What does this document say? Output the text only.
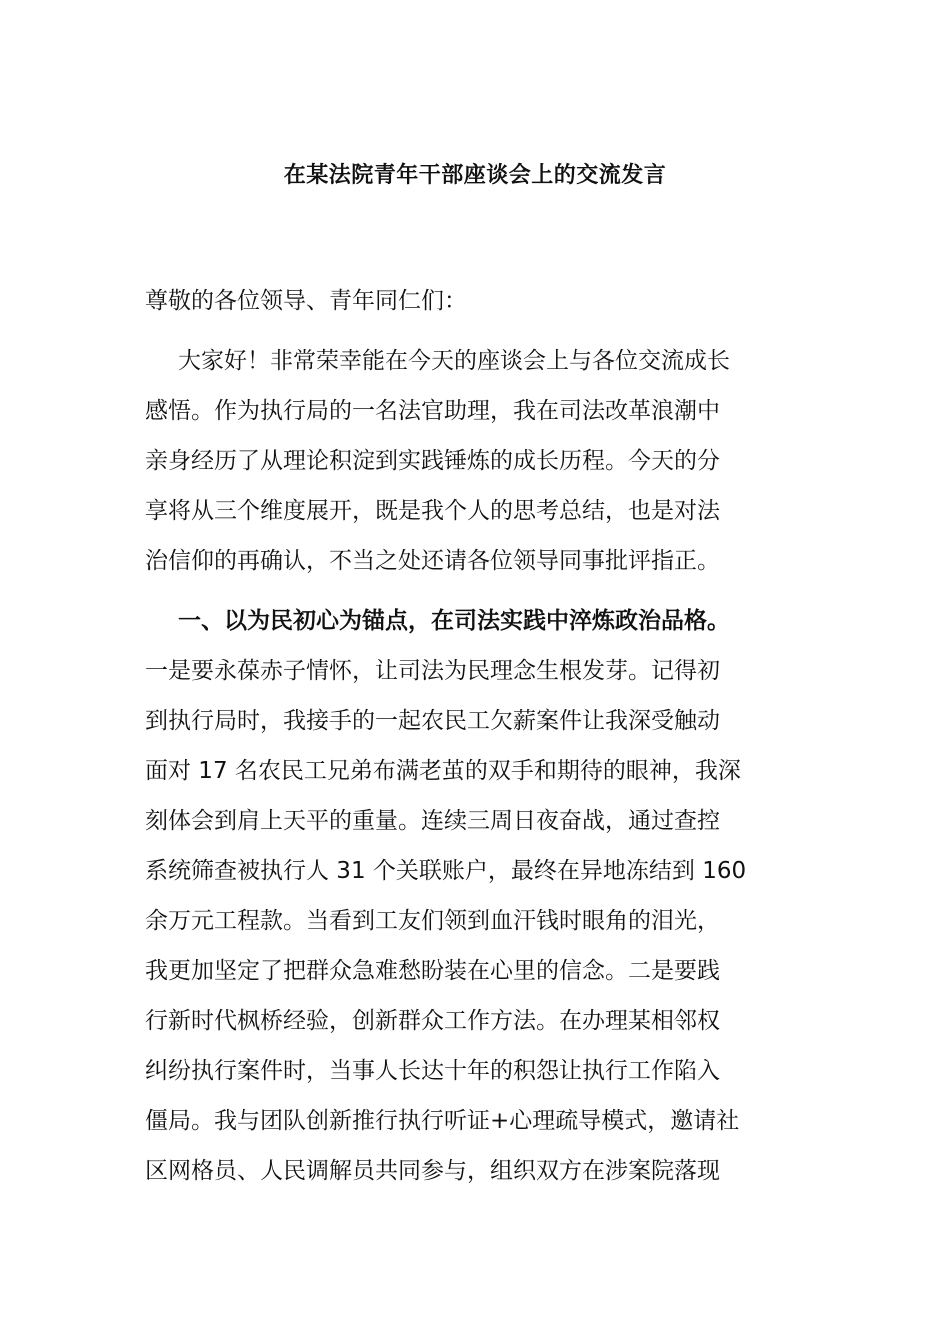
在某法院青年干部座谈会上的交流发言
尊敬的各位领导、青年同仁们：
大家好！非常荣幸能在今天的座谈会上与各位交流成长
感悟。作为执行局的一名法官助理，我在司法改革浪潮中
亲身经历了从理论积淀到实践锤炼的成长历程。今天的分
享将从三个维度展开，既是我个人的思考总结，也是对法
治信仰的再确认，不当之处还请各位领导同事批评指正。
一、以为民初心为锚点，在司法实践中淬炼政治品格。
一是要永葆赤子情怀，让司法为民理念生根发芽。记得初
到执行局时，我接手的一起农民工欠薪案件让我深受触动
面对 17 名农民工兄弟布满老茧的双手和期待的眼神，我深
刻体会到肩上天平的重量。连续三周日夜奋战，通过查控
系统筛查被执行人 31 个关联账户，最终在异地冻结到 160
余万元工程款。当看到工友们领到血汗钱时眼角的泪光，
我更加坚定了把群众急难愁盼装在心里的信念。二是要践
行新时代枫桥经验，创新群众工作方法。在办理某相邻权
纠纷执行案件时，当事人长达十年的积怨让执行工作陷入
僵局。我与团队创新推行执行听证+心理疏导模式，邀请社
区网格员、人民调解员共同参与，组织双方在涉案院落现
